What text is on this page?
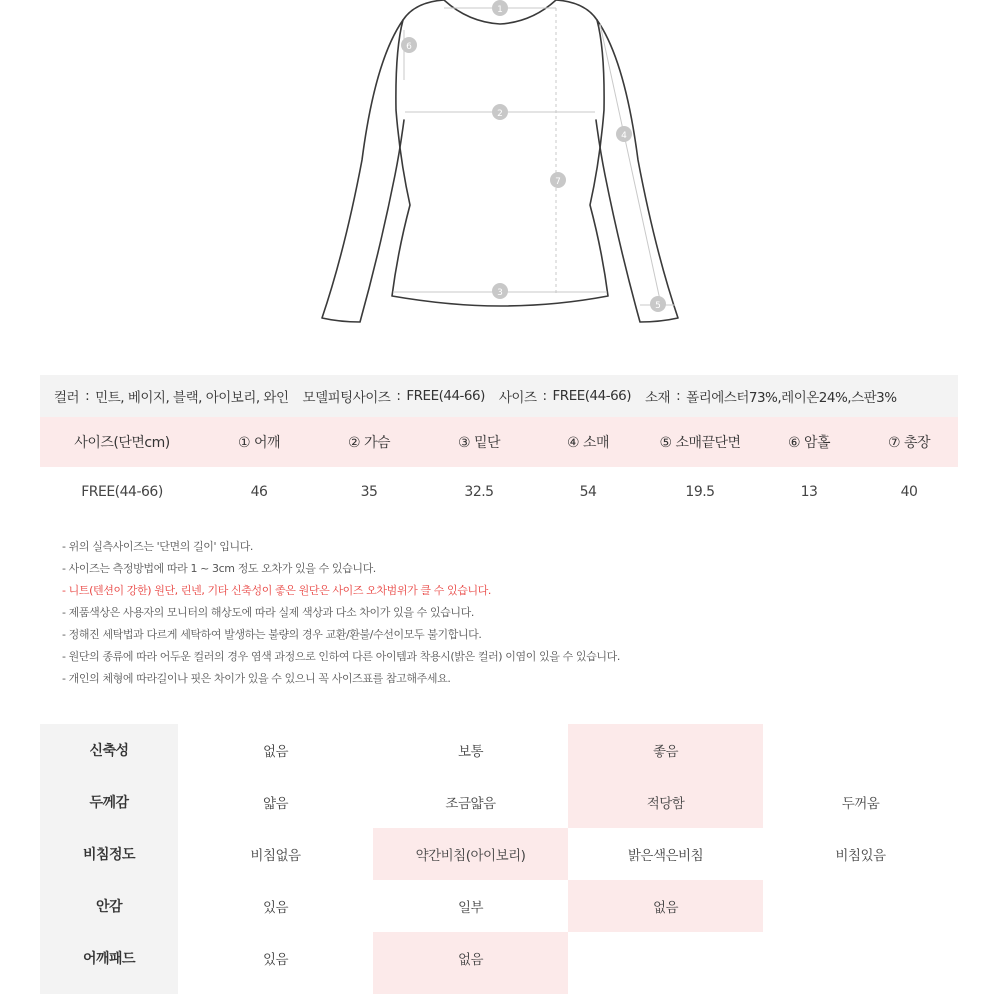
1
2
3
4
5
6
7
컬러 : 민트, 베이지, 블랙, 아이보리, 와인 모델피팅사이즈 : FREE(44-66) 사이즈 : FREE(44-66) 소재 : 폴리에스터73%,레이온24%,스판3%
사이즈(단면cm)	① 어깨	② 가슴	③ 밑단	④ 소매	⑤ 소매끝단면	⑥ 암홀	⑦ 총장
FREE(44-66)	46	35	32.5	54	19.5	13	40
- 위의 실측사이즈는 '단면의 길이' 입니다.
- 사이즈는 측정방법에 따라 1 ~ 3cm 정도 오차가 있을 수 있습니다.
- 니트(텐션이 강한) 원단, 린넨, 기타 신축성이 좋은 원단은 사이즈 오차범위가 클 수 있습니다.
- 제품색상은 사용자의 모니터의 해상도에 따라 실제 색상과 다소 차이가 있을 수 있습니다.
- 정해진 세탁법과 다르게 세탁하여 발생하는 불량의 경우 교환/환불/수선이모두 불기합니다.
- 원단의 종류에 따라 어두운 컬러의 경우 염색 과정으로 인하여 다른 아이템과 착용시(밝은 컬러) 이염이 있을 수 있습니다.
- 개인의 체형에 따라길이나 핏은 차이가 있을 수 있으니 꼭 사이즈표를 참고해주세요.
신축성	없음	보통	좋음
두께감	얇음	조금얇음	적당함	두꺼움
비침정도	비침없음	약간비침(아이보리)	밝은색은비침	비침있음
안감	있음	일부	없음
어깨패드	있음	없음
